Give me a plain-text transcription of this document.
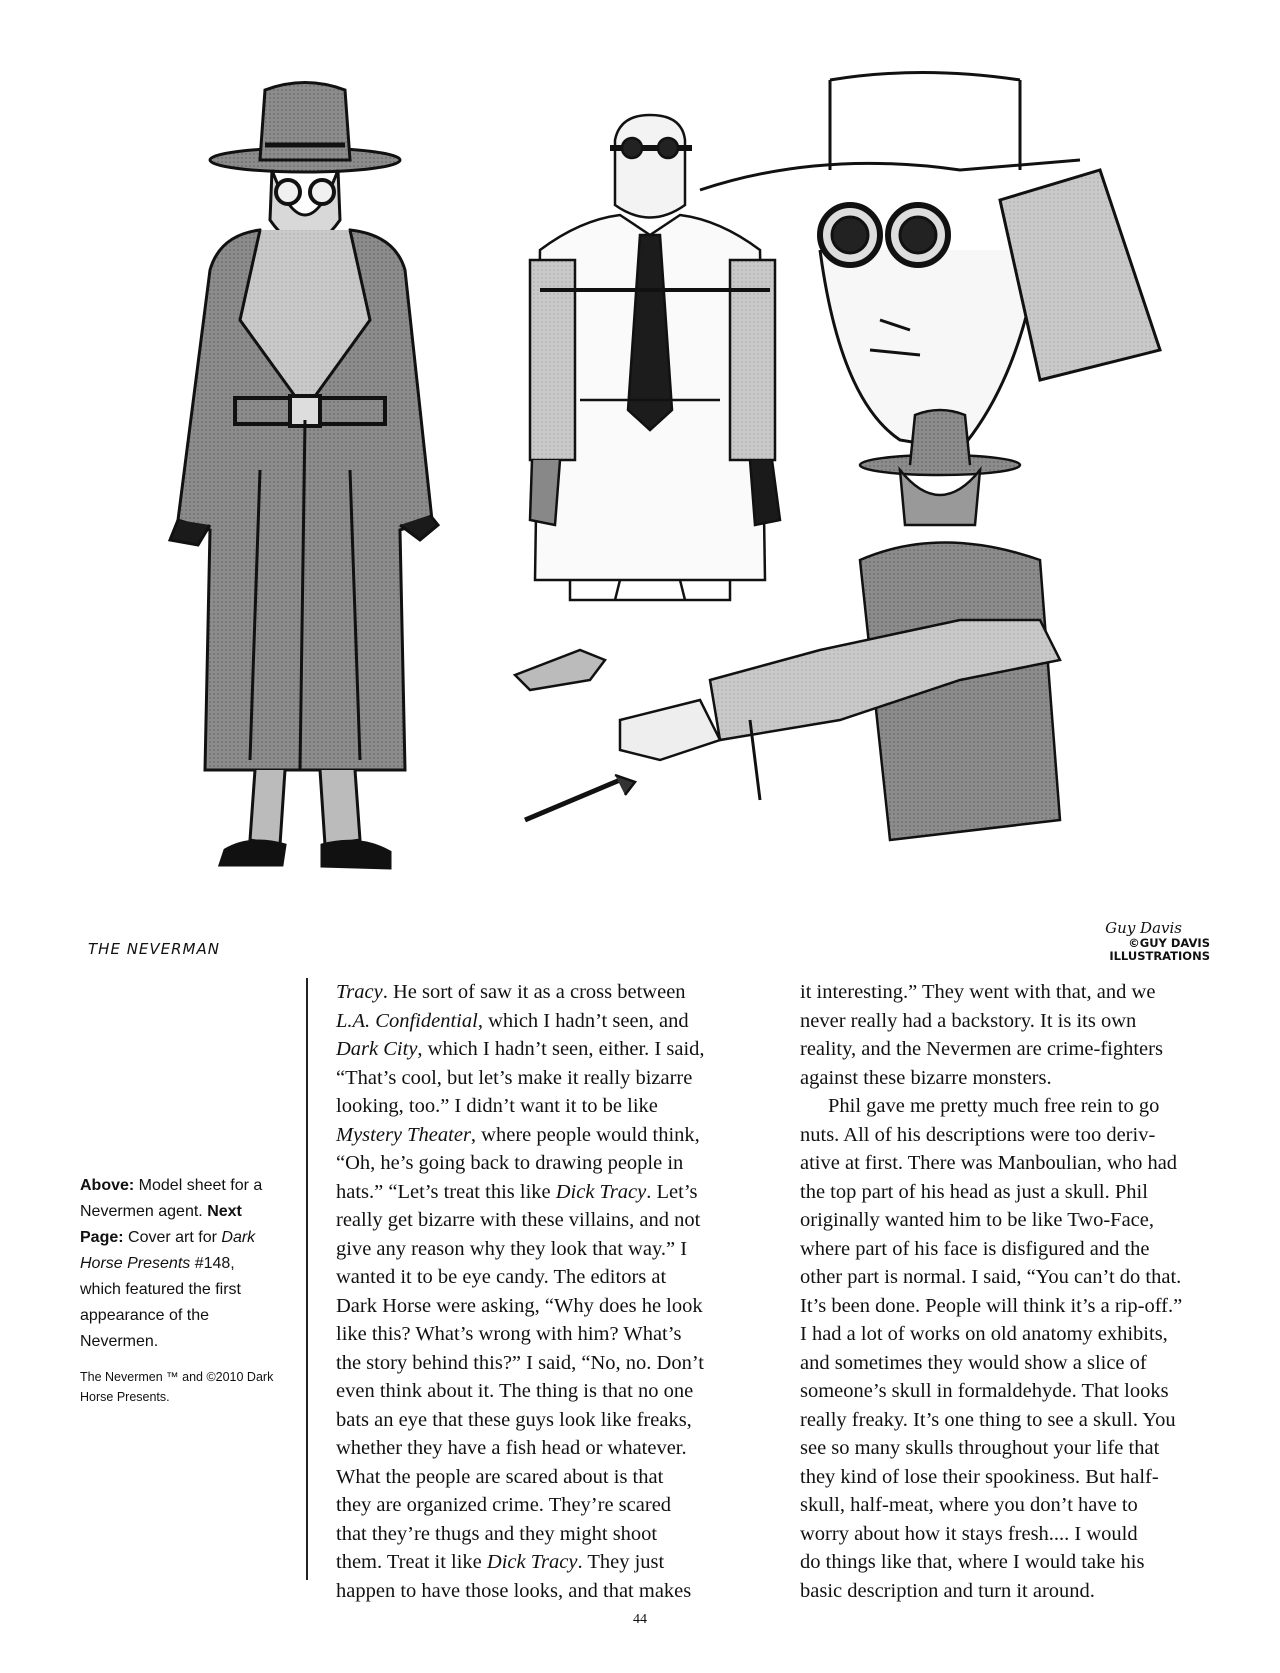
THE NEVERMAN
Guy Davis
©GUY DAVIS
ILLUSTRATIONS
Above: Model sheet for a Nevermen agent. Next Page: Cover art for Dark Horse Presents #148, which featured the first appearance of the Nevermen.
The Nevermen ™ and ©2010 Dark Horse Presents.

Tracy. He sort of saw it as a cross between

L.A. Confidential, which I hadn’t seen, and

Dark City, which I hadn’t seen, either. I said,

“That’s cool, but let’s make it really bizarre

looking, too.” I didn’t want it to be like

Mystery Theater, where people would think,

“Oh, he’s going back to drawing people in

hats.” “Let’s treat this like Dick Tracy. Let’s

really get bizarre with these villains, and not

give any reason why they look that way.” I

wanted it to be eye candy. The editors at

Dark Horse were asking, “Why does he look

like this? What’s wrong with him? What’s

the story behind this?” I said, “No, no. Don’t

even think about it. The thing is that no one

bats an eye that these guys look like freaks,

whether they have a fish head or whatever.

What the people are scared about is that

they are organized crime. They’re scared

that they’re thugs and they might shoot

them. Treat it like Dick Tracy. They just

happen to have those looks, and that makes

it interesting.” They went with that, and we

never really had a backstory. It is its own

reality, and the Nevermen are crime-fighters

against these bizarre monsters.

Phil gave me pretty much free rein to go

nuts. All of his descriptions were too deriv-

ative at first. There was Manboulian, who had

the top part of his head as just a skull. Phil

originally wanted him to be like Two-Face,

where part of his face is disfigured and the

other part is normal. I said, “You can’t do that.

It’s been done. People will think it’s a rip-off.”

I had a lot of works on old anatomy exhibits,

and sometimes they would show a slice of

someone’s skull in formaldehyde. That looks

really freaky. It’s one thing to see a skull. You

see so many skulls throughout your life that

they kind of lose their spookiness. But half-

skull, half-meat, where you don’t have to

worry about how it stays fresh.... I would

do things like that, where I would take his

basic description and turn it around.

44
